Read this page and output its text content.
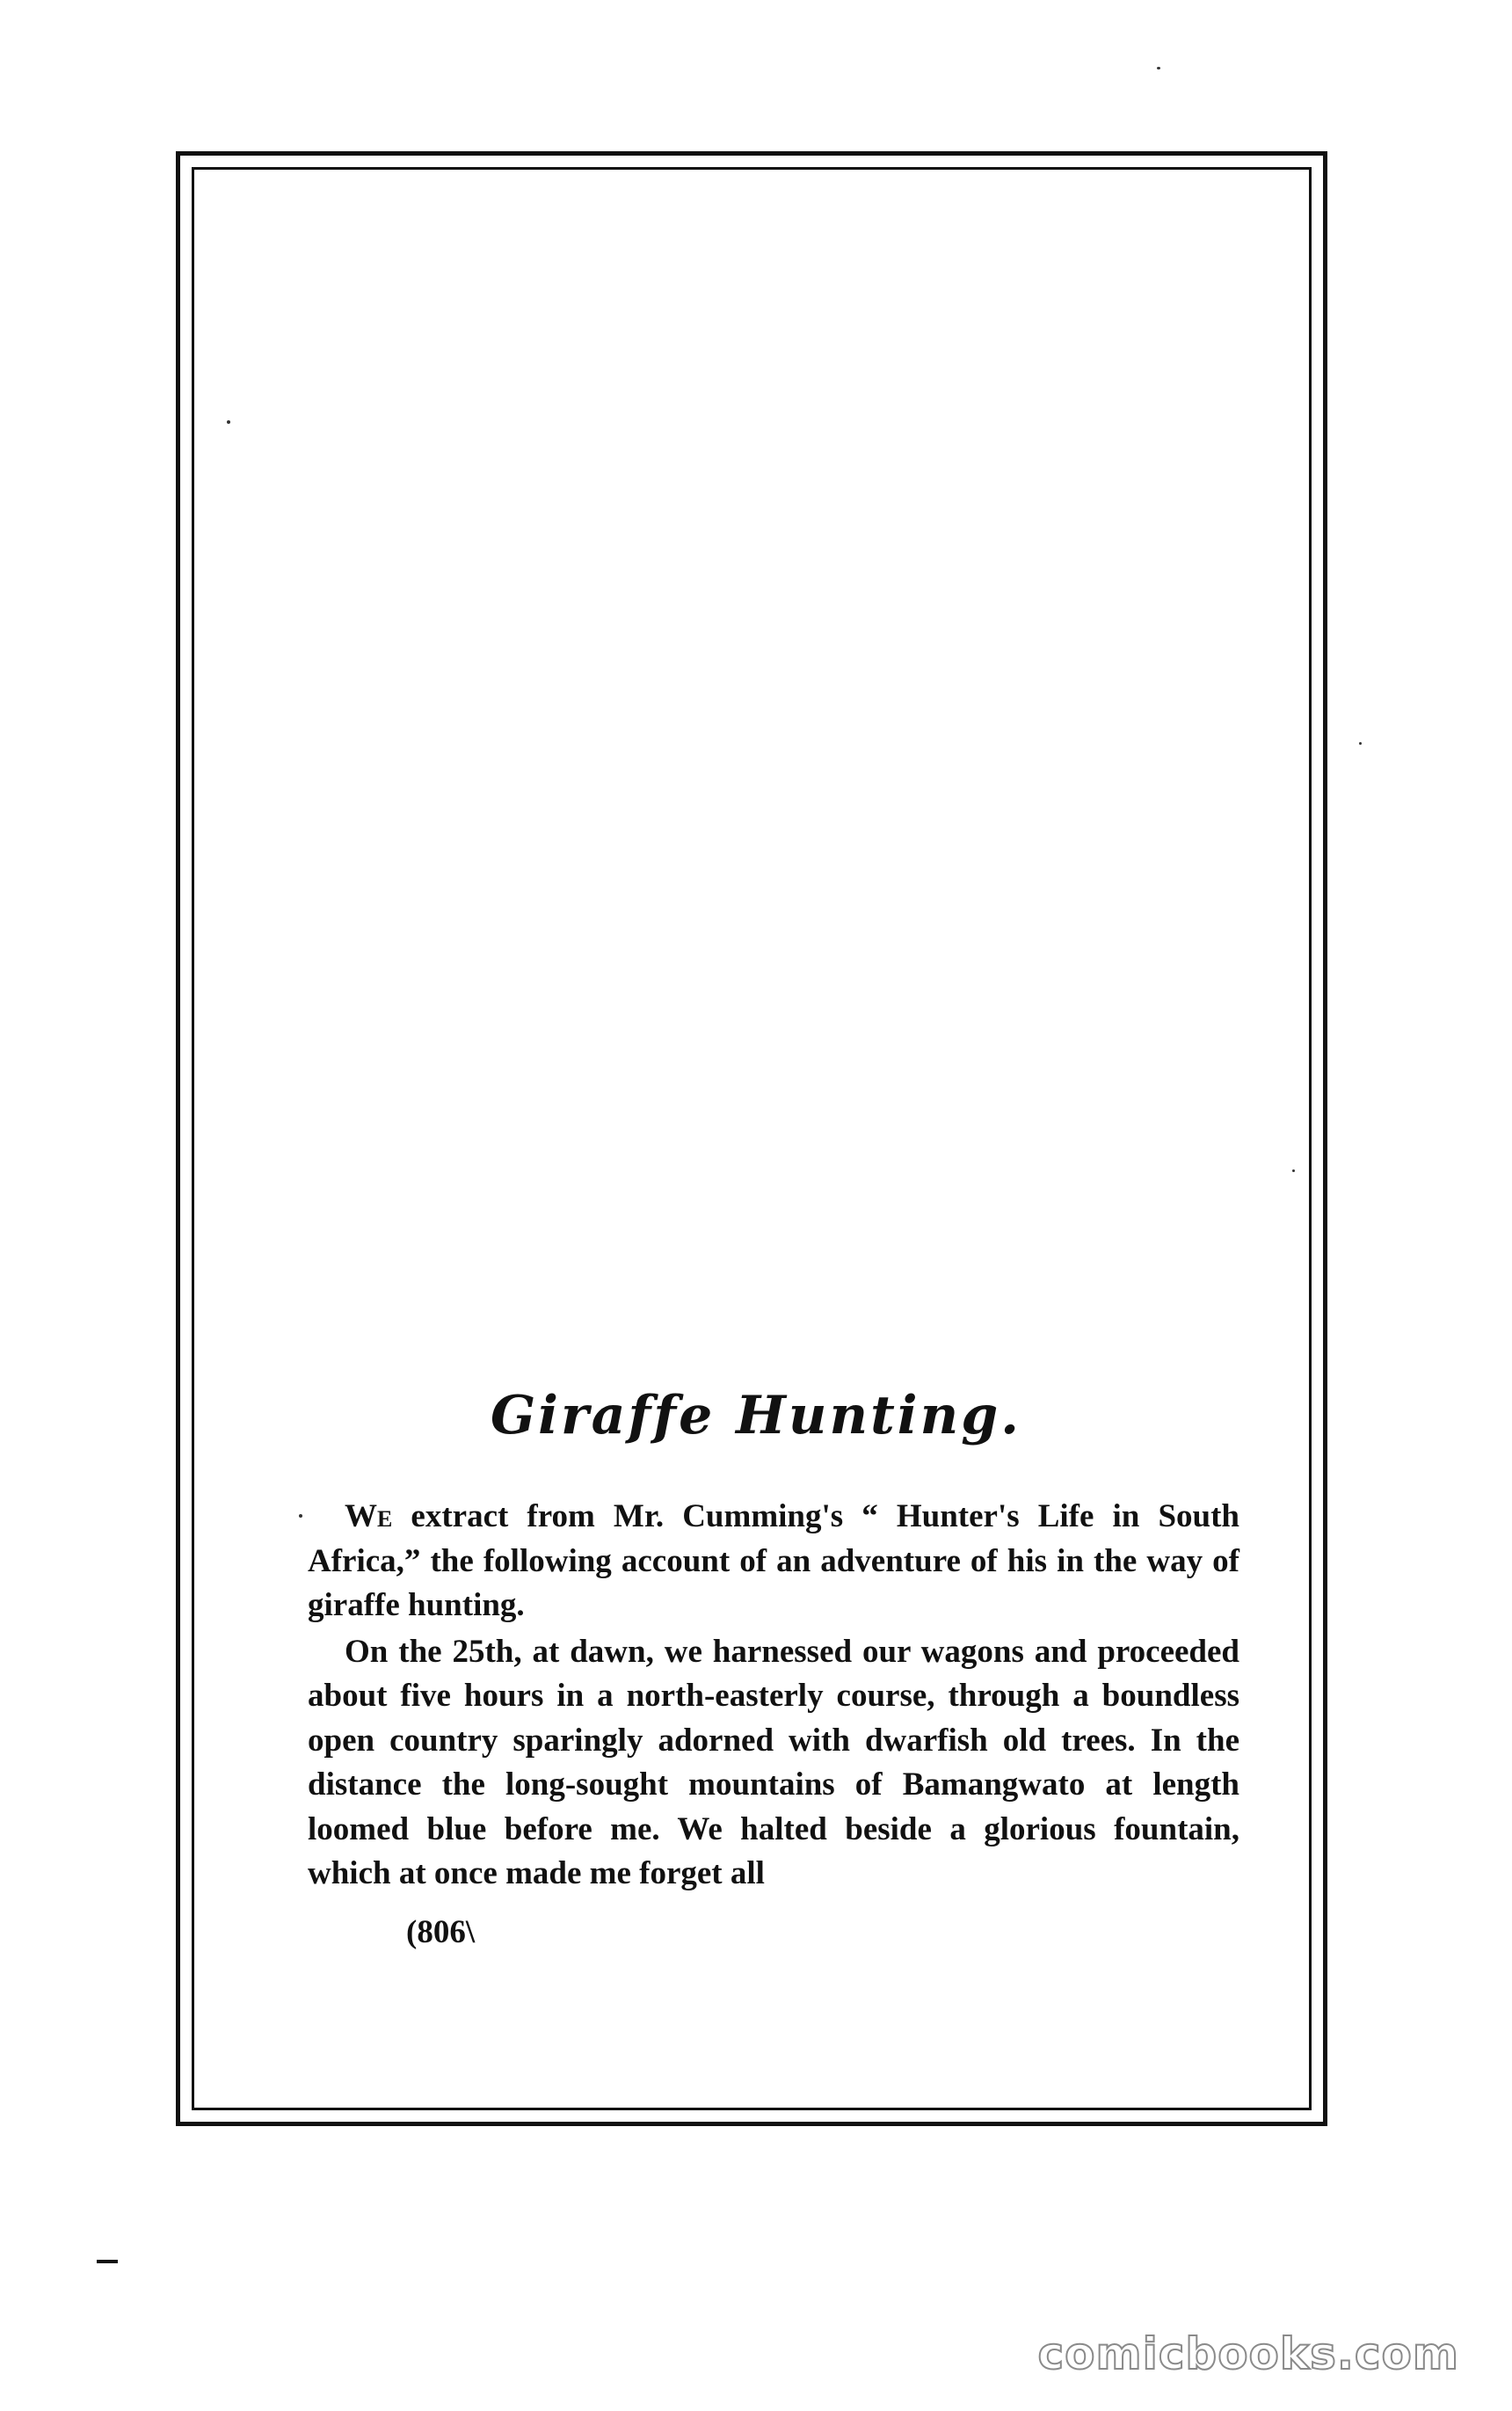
Giraffe Hunting.

We extract from Mr. Cumming's “ Hunter's Life in South Africa,” the following account of an adventure of his in the way of giraffe hunting.

On the 25th, at dawn, we harnessed our wagons and proceeded about five hours in a north-easterly course, through a boundless open country sparingly adorned with dwarfish old trees. In the distance the long-sought mountains of Bamangwato at length loomed blue before me. We halted beside a glorious fountain, which at once made me forget all

(806\
comicbooks.com
